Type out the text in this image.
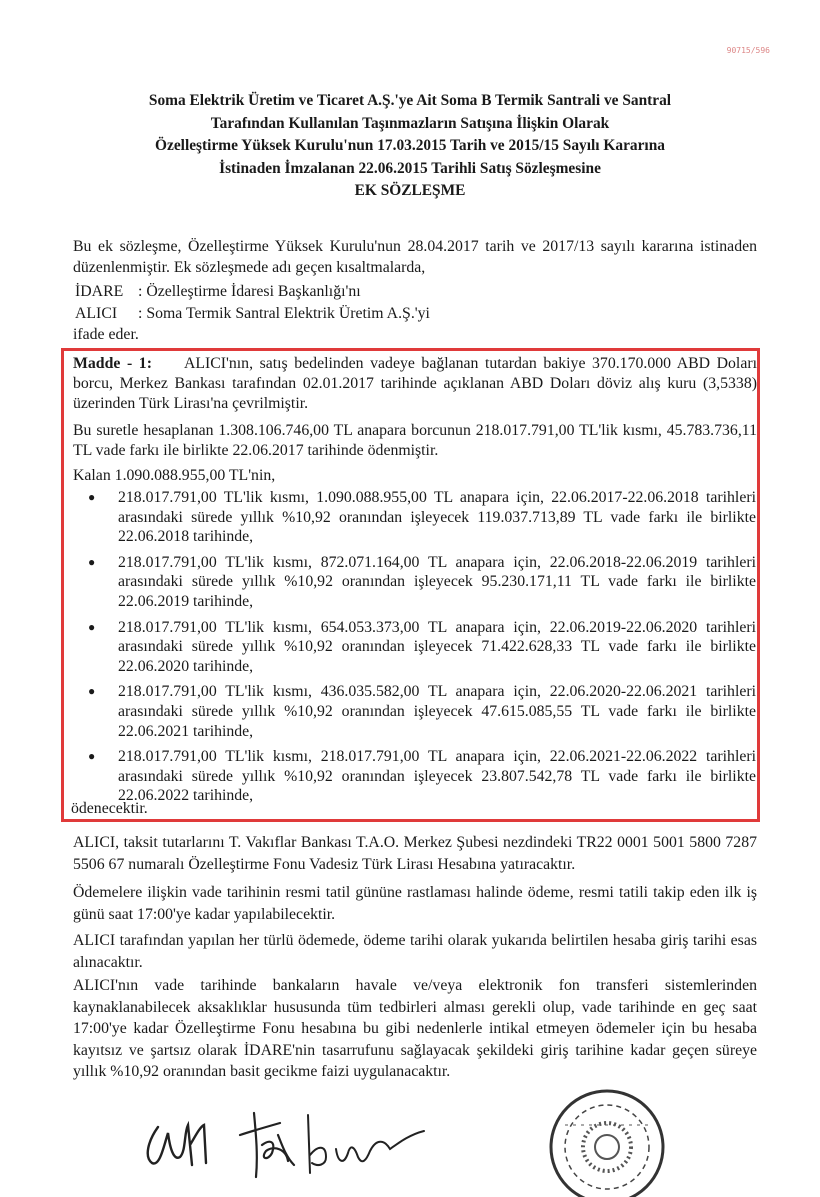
90715/596
Soma Elektrik Üretim ve Ticaret A.Ş.'ye Ait Soma B Termik Santrali ve Santral
Tarafından Kullanılan Taşınmazların Satışına İlişkin Olarak
Özelleştirme Yüksek Kurulu'nun 17.03.2015 Tarih ve 2015/15 Sayılı Kararına
İstinaden İmzalanan 22.06.2015 Tarihli Satış Sözleşmesine
EK SÖZLEŞME
Bu ek sözleşme, Özelleştirme Yüksek Kurulu'nun 28.04.2017 tarih ve 2017/13 sayılı kararına istinaden düzenlenmiştir. Ek sözleşmede adı geçen kısaltmalarda,
İDARE : Özelleştirme İdaresi Başkanlığı'nı
ALICI	: Soma Termik Santral Elektrik Üretim A.Ş.'yi
ifade eder.
Madde - 1: ALICI'nın, satış bedelinden vadeye bağlanan tutardan bakiye 370.170.000 ABD Doları borcu, Merkez Bankası tarafından 02.01.2017 tarihinde açıklanan ABD Doları döviz alış kuru (3,5338) üzerinden Türk Lirası'na çevrilmiştir.
Bu suretle hesaplanan 1.308.106.746,00 TL anapara borcunun 218.017.791,00 TL'lik kısmı, 45.783.736,11 TL vade farkı ile birlikte 22.06.2017 tarihinde ödenmiştir.
Kalan 1.090.088.955,00 TL'nin,
●	218.017.791,00 TL'lik kısmı, 1.090.088.955,00 TL anapara için, 22.06.2017-22.06.2018 tarihleri arasındaki sürede yıllık %10,92 oranından işleyecek 119.037.713,89 TL vade farkı ile birlikte 22.06.2018 tarihinde,
●	218.017.791,00 TL'lik kısmı, 872.071.164,00 TL anapara için, 22.06.2018-22.06.2019 tarihleri arasındaki sürede yıllık %10,92 oranından işleyecek 95.230.171,11 TL vade farkı ile birlikte 22.06.2019 tarihinde,
●	218.017.791,00 TL'lik kısmı, 654.053.373,00 TL anapara için, 22.06.2019-22.06.2020 tarihleri arasındaki sürede yıllık %10,92 oranından işleyecek 71.422.628,33 TL vade farkı ile birlikte 22.06.2020 tarihinde,
●	218.017.791,00 TL'lik kısmı, 436.035.582,00 TL anapara için, 22.06.2020-22.06.2021 tarihleri arasındaki sürede yıllık %10,92 oranından işleyecek 47.615.085,55 TL vade farkı ile birlikte 22.06.2021 tarihinde,
●	218.017.791,00 TL'lik kısmı, 218.017.791,00 TL anapara için, 22.06.2021-22.06.2022 tarihleri arasındaki sürede yıllık %10,92 oranından işleyecek 23.807.542,78 TL vade farkı ile birlikte 22.06.2022 tarihinde,
ödenecektir.
ALICI, taksit tutarlarını T. Vakıflar Bankası T.A.O. Merkez Şubesi nezdindeki TR22 0001 5001 5800 7287 5506 67 numaralı Özelleştirme Fonu Vadesiz Türk Lirası Hesabına yatıracaktır.
Ödemelere ilişkin vade tarihinin resmi tatil gününe rastlaması halinde ödeme, resmi tatili takip eden ilk iş günü saat 17:00'ye kadar yapılabilecektir.
ALICI tarafından yapılan her türlü ödemede, ödeme tarihi olarak yukarıda belirtilen hesaba giriş tarihi esas alınacaktır.
ALICI'nın vade tarihinde bankaların havale ve/veya elektronik fon transferi sistemlerinden kaynaklanabilecek aksaklıklar hususunda tüm tedbirleri alması gerekli olup, vade tarihinde en geç saat 17:00'ye kadar Özelleştirme Fonu hesabına bu gibi nedenlerle intikal etmeyen ödemeler için bu hesaba kayıtsız ve şartsız olarak İDARE'nin tasarrufunu sağlayacak şekildeki giriş tarihine kadar geçen süreye yıllık %10,92 oranından basit gecikme faizi uygulanacaktır.
